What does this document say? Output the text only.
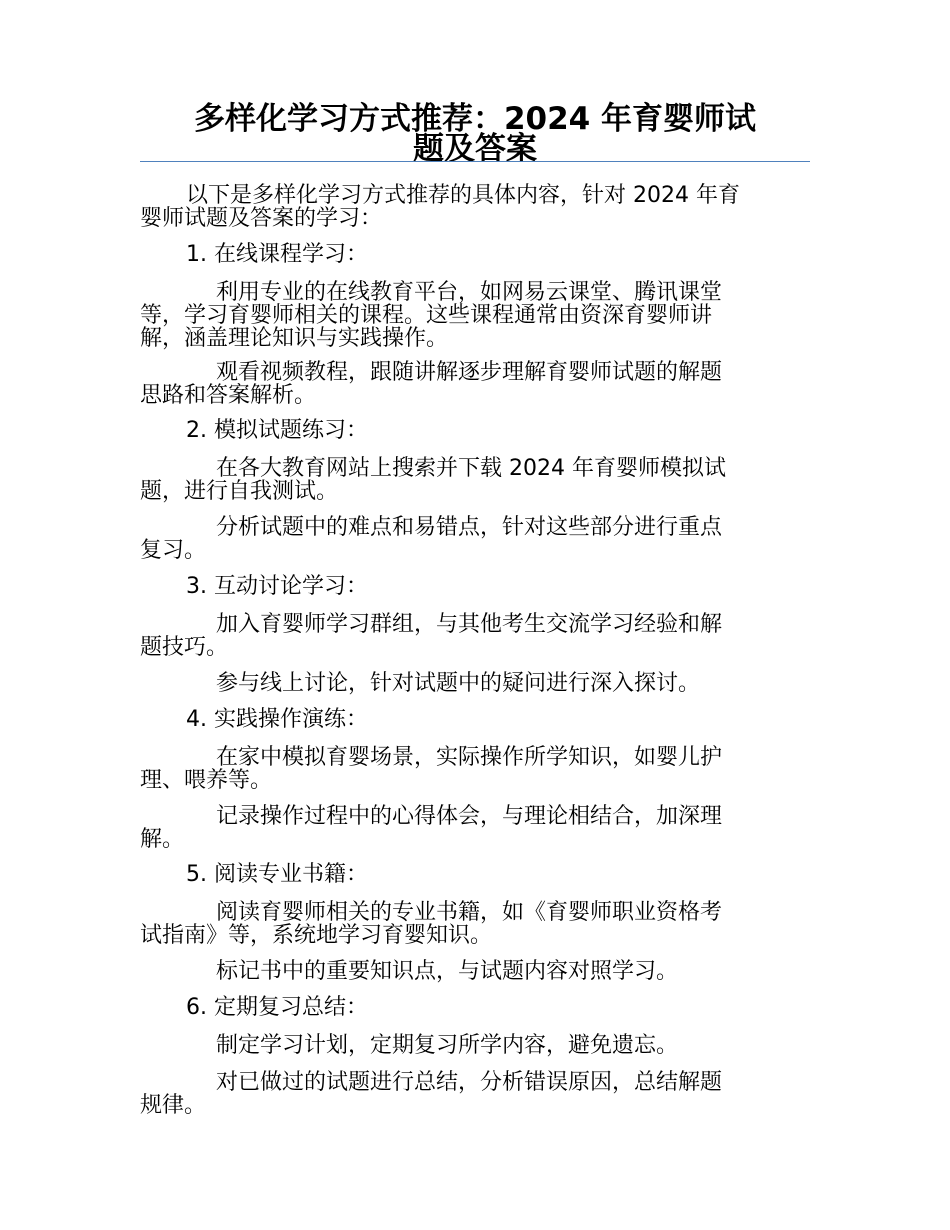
多样化学习方式推荐：2024 年育婴师试
题及答案

以下是多样化学习方式推荐的具体内容，针对 2024 年育
婴师试题及答案的学习：

1. 在线课程学习：

利用专业的在线教育平台，如网易云课堂、腾讯课堂
等，学习育婴师相关的课程。这些课程通常由资深育婴师讲
解，涵盖理论知识与实践操作。

观看视频教程，跟随讲解逐步理解育婴师试题的解题
思路和答案解析。

2. 模拟试题练习：

在各大教育网站上搜索并下载 2024 年育婴师模拟试
题，进行自我测试。

分析试题中的难点和易错点，针对这些部分进行重点
复习。

3. 互动讨论学习：

加入育婴师学习群组，与其他考生交流学习经验和解
题技巧。

参与线上讨论，针对试题中的疑问进行深入探讨。

4. 实践操作演练：

在家中模拟育婴场景，实际操作所学知识，如婴儿护
理、喂养等。

记录操作过程中的心得体会，与理论相结合，加深理
解。

5. 阅读专业书籍：

阅读育婴师相关的专业书籍，如《育婴师职业资格考
试指南》等，系统地学习育婴知识。

标记书中的重要知识点，与试题内容对照学习。

6. 定期复习总结：

制定学习计划，定期复习所学内容，避免遗忘。

对已做过的试题进行总结，分析错误原因，总结解题
规律。
